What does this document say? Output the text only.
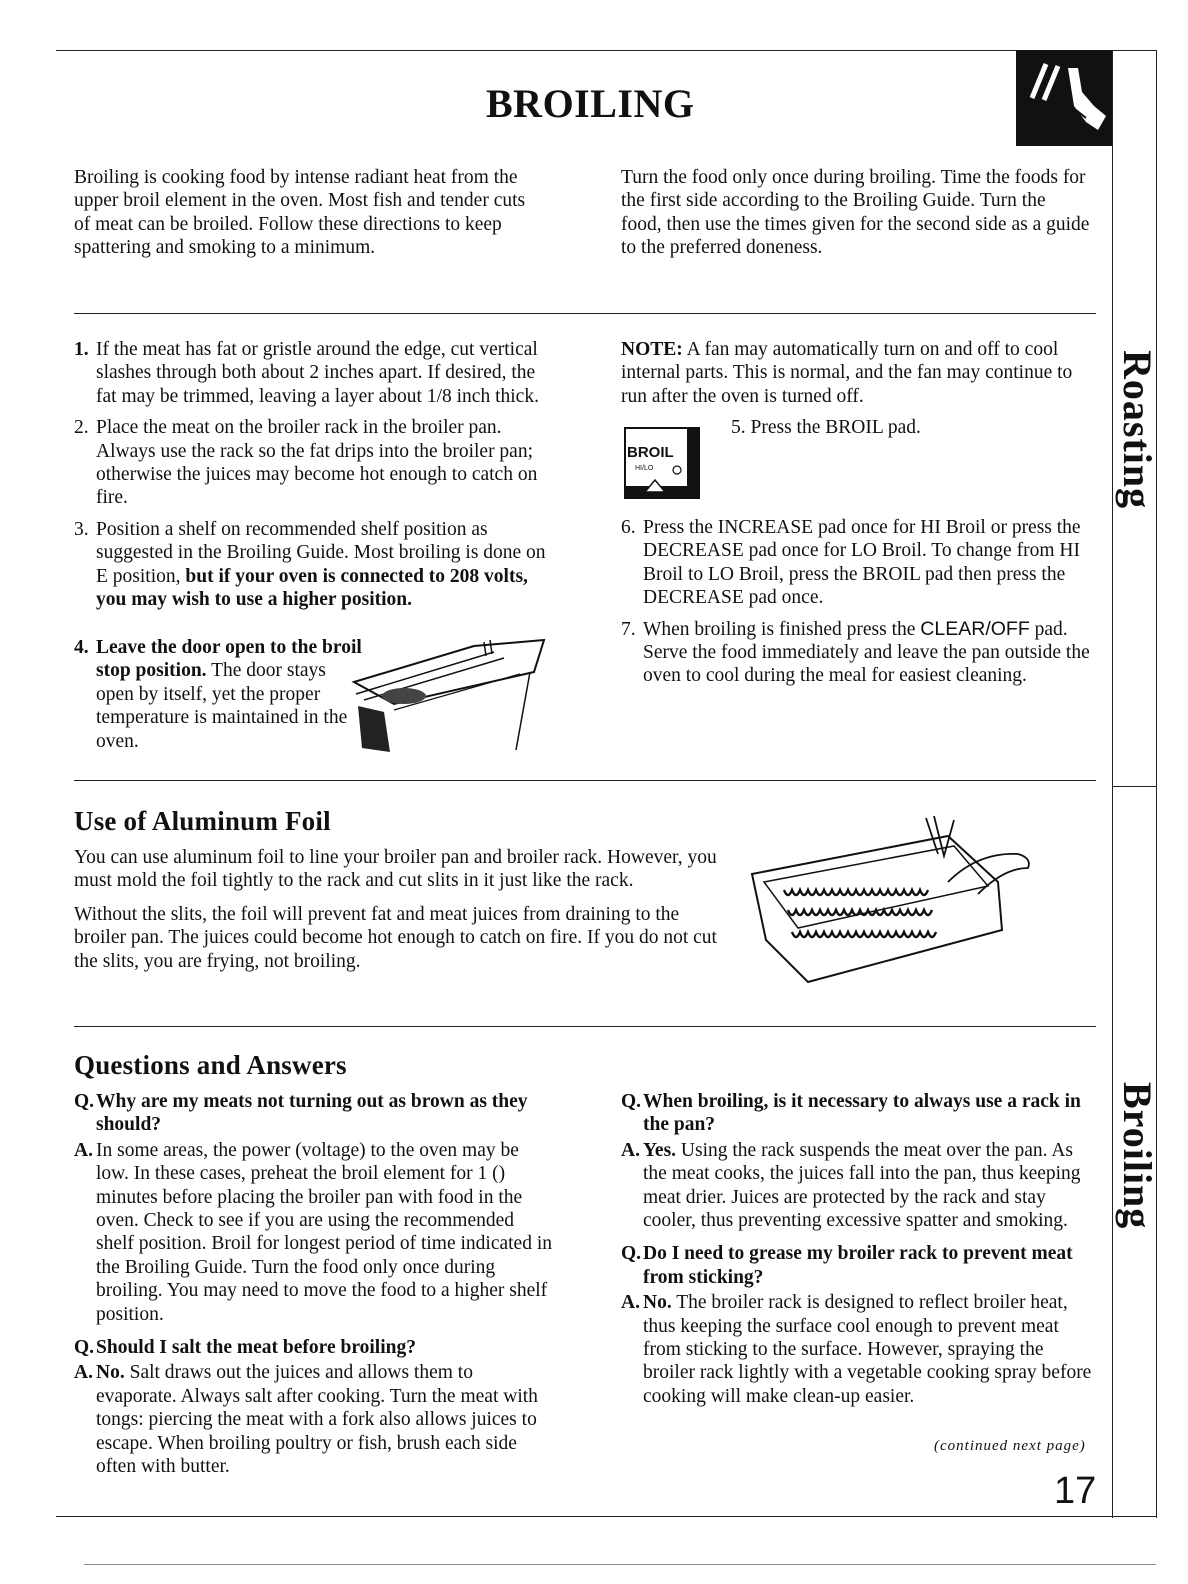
BROILING
Roasting
Broiling
Broiling is cooking food by intense radiant heat from the upper broil element in the oven. Most fish and tender cuts of meat can be broiled. Follow these directions to keep spattering and smoking to a minimum.
Turn the food only once during broiling. Time the foods for the first side according to the Broiling Guide. Turn the food, then use the times given for the second side as a guide to the preferred doneness.
1. If the meat has fat or gristle around the edge, cut vertical slashes through both about 2 inches apart. If desired, the fat may be trimmed, leaving a layer about 1/8 inch thick.
2. Place the meat on the broiler rack in the broiler pan. Always use the rack so the fat drips into the broiler pan; otherwise the juices may become hot enough to catch on fire.
3. Position a shelf on recommended shelf position as suggested in the Broiling Guide. Most broiling is done on E position, but if your oven is connected to 208 volts, you may wish to use a higher position.
4. Leave the door open to the broil stop position. The door stays open by itself, yet the proper temperature is maintained in the oven.
NOTE: A fan may automatically turn on and off to cool internal parts. This is normal, and the fan may continue to run after the oven is turned off.
BROIL
HI/LO
5. Press the BROIL pad.
6. Press the INCREASE pad once for HI Broil or press the DECREASE pad once for LO Broil. To change from HI Broil to LO Broil, press the BROIL pad then press the DECREASE pad once.
7. When broiling is finished press the CLEAR/OFF pad. Serve the food immediately and leave the pan outside the oven to cool during the meal for easiest cleaning.
Use of Aluminum Foil

You can use aluminum foil to line your broiler pan and broiler rack. However, you must mold the foil tightly to the rack and cut slits in it just like the rack.

Without the slits, the foil will prevent fat and meat juices from draining to the broiler pan. The juices could become hot enough to catch on fire. If you do not cut the slits, you are frying, not broiling.

Questions and Answers
Q. Why are my meats not turning out as brown as they should?
A. In some areas, the power (voltage) to the oven may be low. In these cases, preheat the broil element for 1 () minutes before placing the broiler pan with food in the oven. Check to see if you are using the recommended shelf position. Broil for longest period of time indicated in the Broiling Guide. Turn the food only once during broiling. You may need to move the food to a higher shelf position.
Q. Should I salt the meat before broiling?
A. No. Salt draws out the juices and allows them to evaporate. Always salt after cooking. Turn the meat with tongs: piercing the meat with a fork also allows juices to escape. When broiling poultry or fish, brush each side often with butter.
Q. When broiling, is it necessary to always use a rack in the pan?
A. Yes. Using the rack suspends the meat over the pan. As the meat cooks, the juices fall into the pan, thus keeping meat drier. Juices are protected by the rack and stay cooler, thus preventing excessive spatter and smoking.
Q. Do I need to grease my broiler rack to prevent meat from sticking?
A. No. The broiler rack is designed to reflect broiler heat, thus keeping the surface cool enough to prevent meat from sticking to the surface. However, spraying the broiler rack lightly with a vegetable cooking spray before cooking will make clean-up easier.
(continued next page)
17
